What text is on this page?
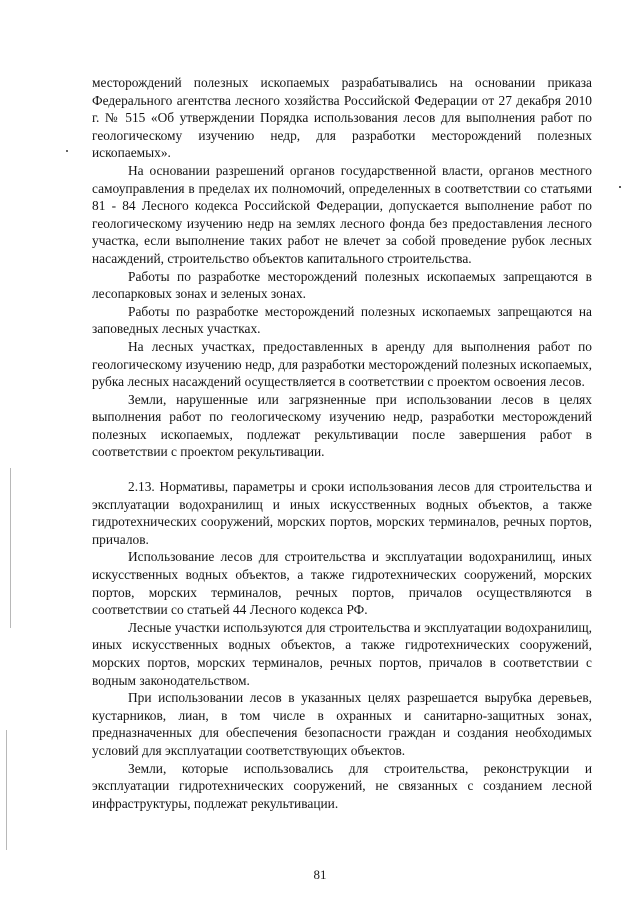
месторождений полезных ископаемых разрабатывались на основании приказа Федерального агентства лесного хозяйства Российской Федерации от 27 декабря 2010 г. № 515 «Об утверждении Порядка использования лесов для выполнения работ по геологическому изучению недр, для разработки месторождений полезных ископаемых».

На основании разрешений органов государственной власти, органов местного самоуправления в пределах их полномочий, определенных в соответствии со статьями 81 - 84 Лесного кодекса Российской Федерации, допускается выполнение работ по геологическому изучению недр на землях лесного фонда без предоставления лесного участка, если выполнение таких работ не влечет за собой проведение рубок лесных насаждений, строительство объектов капитального строительства.

Работы по разработке месторождений полезных ископаемых запрещаются в лесопарковых зонах и зеленых зонах.

Работы по разработке месторождений полезных ископаемых запрещаются на заповедных лесных участках.

На лесных участках, предоставленных в аренду для выполнения работ по геологическому изучению недр, для разработки месторождений полезных ископаемых, рубка лесных насаждений осуществляется в соответствии с проектом освоения лесов.

Земли, нарушенные или загрязненные при использовании лесов в целях выполнения работ по геологическому изучению недр, разработки месторождений полезных ископаемых, подлежат рекультивации после завершения работ в соответствии с проектом рекультивации.

2.13. Нормативы, параметры и сроки использования лесов для строительства и эксплуатации водохранилищ и иных искусственных водных объектов, а также гидротехнических сооружений, морских портов, морских терминалов, речных портов, причалов.

Использование лесов для строительства и эксплуатации водохранилищ, иных искусственных водных объектов, а также гидротехнических сооружений, морских портов, морских терминалов, речных портов, причалов осуществляются в соответствии со статьей 44 Лесного кодекса РФ.

Лесные участки используются для строительства и эксплуатации водохранилищ, иных искусственных водных объектов, а также гидротехнических сооружений, морских портов, морских терминалов, речных портов, причалов в соответствии с водным законодательством.

При использовании лесов в указанных целях разрешается вырубка деревьев, кустарников, лиан, в том числе в охранных и санитарно-защитных зонах, предназначенных для обеспечения безопасности граждан и создания необходимых условий для эксплуатации соответствующих объектов.

Земли, которые использовались для строительства, реконструкции и эксплуатации гидротехнических сооружений, не связанных с созданием лесной инфраструктуры, подлежат рекультивации.

81
